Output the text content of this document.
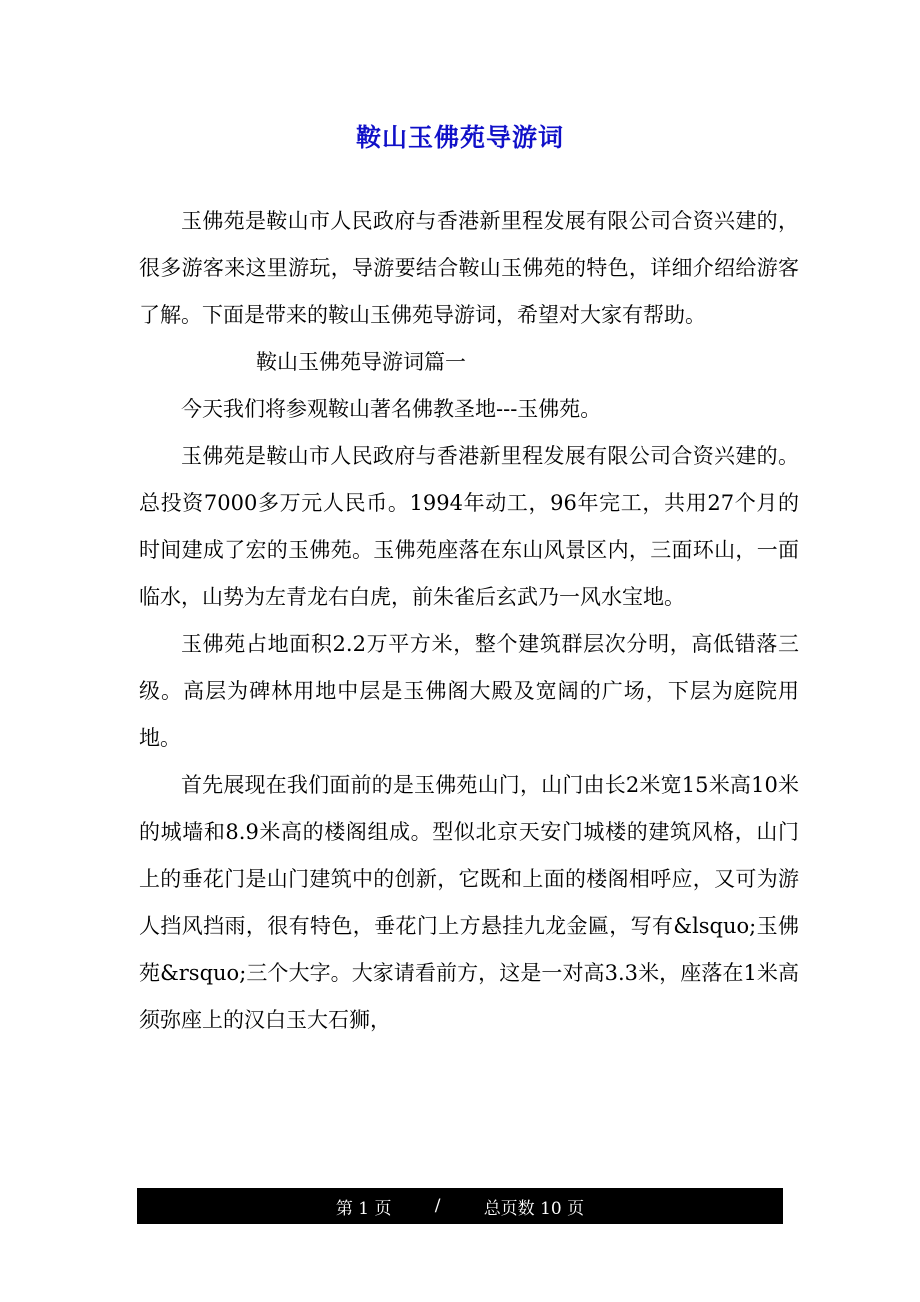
鞍山玉佛苑导游词

玉佛苑是鞍山市人民政府与香港新里程发展有限公司合资兴建的，很多游客来这里游玩，导游要结合鞍山玉佛苑的特色，详细介绍给游客了解。下面是带来的鞍山玉佛苑导游词，希望对大家有帮助。

鞍山玉佛苑导游词篇一

今天我们将参观鞍山著名佛教圣地---玉佛苑。

玉佛苑是鞍山市人民政府与香港新里程发展有限公司合资兴建的。总投资7000多万元人民币。1994年动工，96年完工，共用27个月的时间建成了宏的玉佛苑。玉佛苑座落在东山风景区内，三面环山，一面临水，山势为左青龙右白虎，前朱雀后玄武乃一风水宝地。

玉佛苑占地面积2.2万平方米，整个建筑群层次分明，高低错落三级。高层为碑林用地中层是玉佛阁大殿及宽阔的广场，下层为庭院用地。

首先展现在我们面前的是玉佛苑山门，山门由长2米宽15米高10米的城墙和8.9米高的楼阁组成。型似北京天安门城楼的建筑风格，山门上的垂花门是山门建筑中的创新，它既和上面的楼阁相呼应，又可为游人挡风挡雨，很有特色，垂花门上方悬挂九龙金匾，写有&lsquo;玉佛苑&rsquo;三个大字。大家请看前方，这是一对高3.3米，座落在1米高须弥座上的汉白玉大石狮，

第 1 页
	/
	总页数 10 页
